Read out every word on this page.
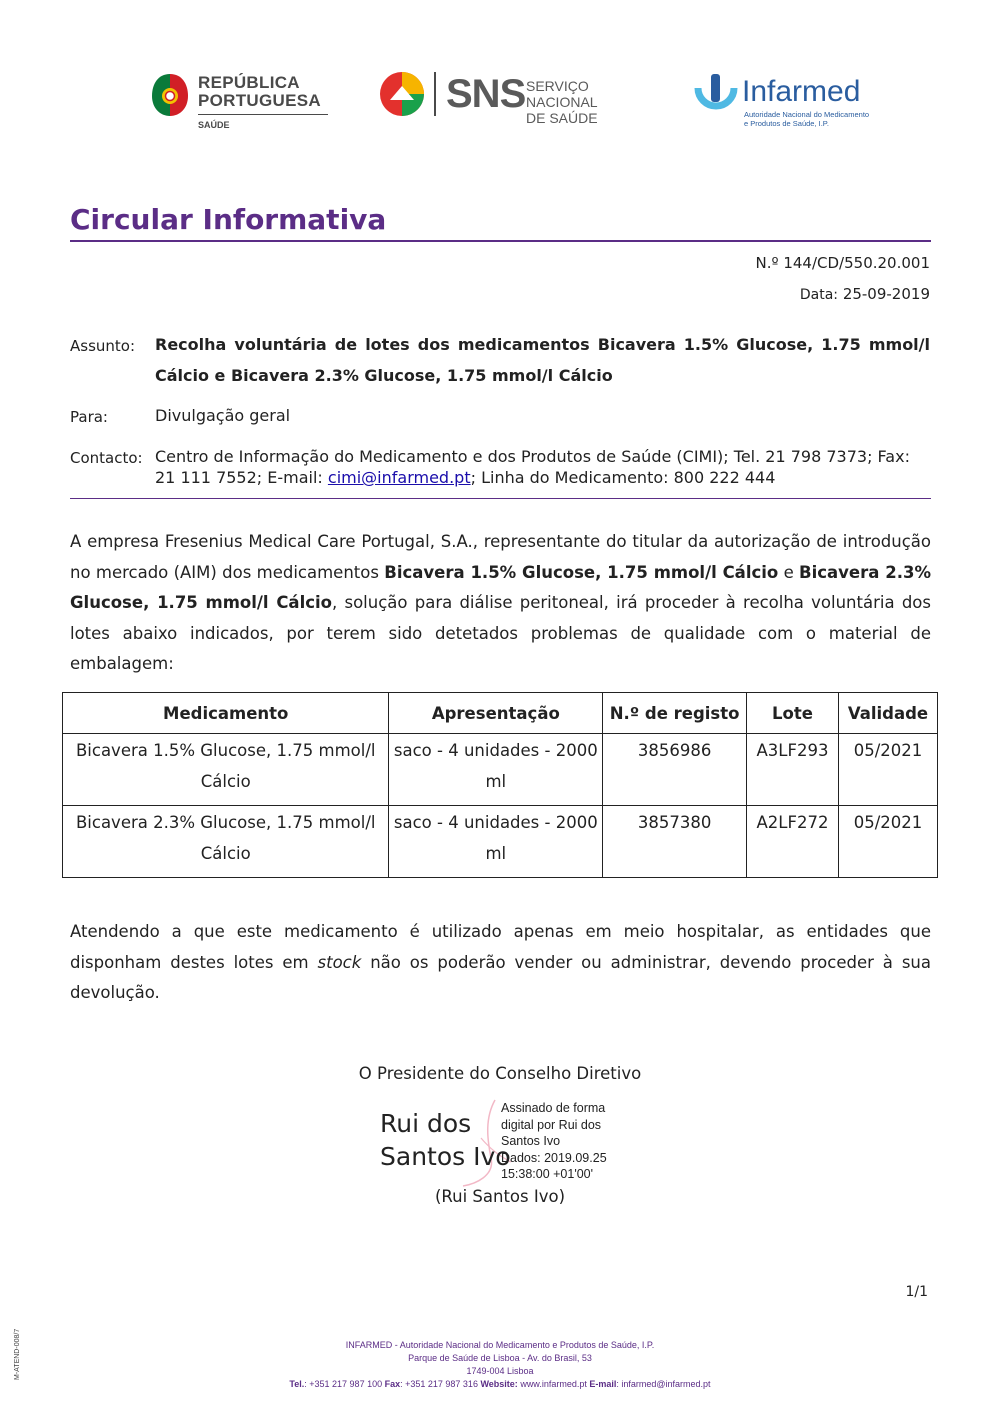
REPÚBLICA
PORTUGUESA
SAÚDE
SNS SERVIÇO NACIONAL
DE SAÚDE
Infarmed
Autoridade Nacional do Medicamento
e Produtos de Saúde, I.P.
Circular Informativa
N.º 144/CD/550.20.001
Data: 25-09-2019
Assunto: Recolha voluntária de lotes dos medicamentos Bicavera 1.5% Glucose, 1.75 mmol/l Cálcio e Bicavera 2.3% Glucose, 1.75 mmol/l Cálcio
Para:	Divulgação geral
Contacto: Centro de Informação do Medicamento e dos Produtos de Saúde (CIMI); Tel. 21 798 7373; Fax: 21 111 7552; E-mail: cimi@infarmed.pt; Linha do Medicamento: 800 222 444
A empresa Fresenius Medical Care Portugal, S.A., representante do titular da autorização de introdução no mercado (AIM) dos medicamentos Bicavera 1.5% Glucose, 1.75 mmol/l Cálcio e Bicavera 2.3% Glucose, 1.75 mmol/l Cálcio, solução para diálise peritoneal, irá proceder à recolha voluntária dos lotes abaixo indicados, por terem sido detetados problemas de qualidade com o material de embalagem:
Medicamento	Apresentação	N.º de registo	Lote	Validade
Bicavera 1.5% Glucose, 1.75 mmol/l Cálcio	saco - 4 unidades - 2000 ml	3856986	A3LF293	05/2021
Bicavera 2.3% Glucose, 1.75 mmol/l Cálcio	saco - 4 unidades - 2000 ml	3857380	A2LF272	05/2021
Atendendo a que este medicamento é utilizado apenas em meio hospitalar, as entidades que disponham destes lotes em stock não os poderão vender ou administrar, devendo proceder à sua devolução.
O Presidente do Conselho Diretivo
Rui dos
Santos Ivo
Assinado de forma
digital por Rui dos
Santos Ivo
Dados: 2019.09.25
15:38:00 +01'00'
(Rui Santos Ivo)
1/1
M-ATEND-008/7	INFARMED - Autoridade Nacional do Medicamento e Produtos de Saúde, I.P.
Parque de Saúde de Lisboa - Av. do Brasil, 53
1749-004 Lisboa
Tel.: +351 217 987 100 Fax: +351 217 987 316 Website: www.infarmed.pt E-mail: infarmed@infarmed.pt
